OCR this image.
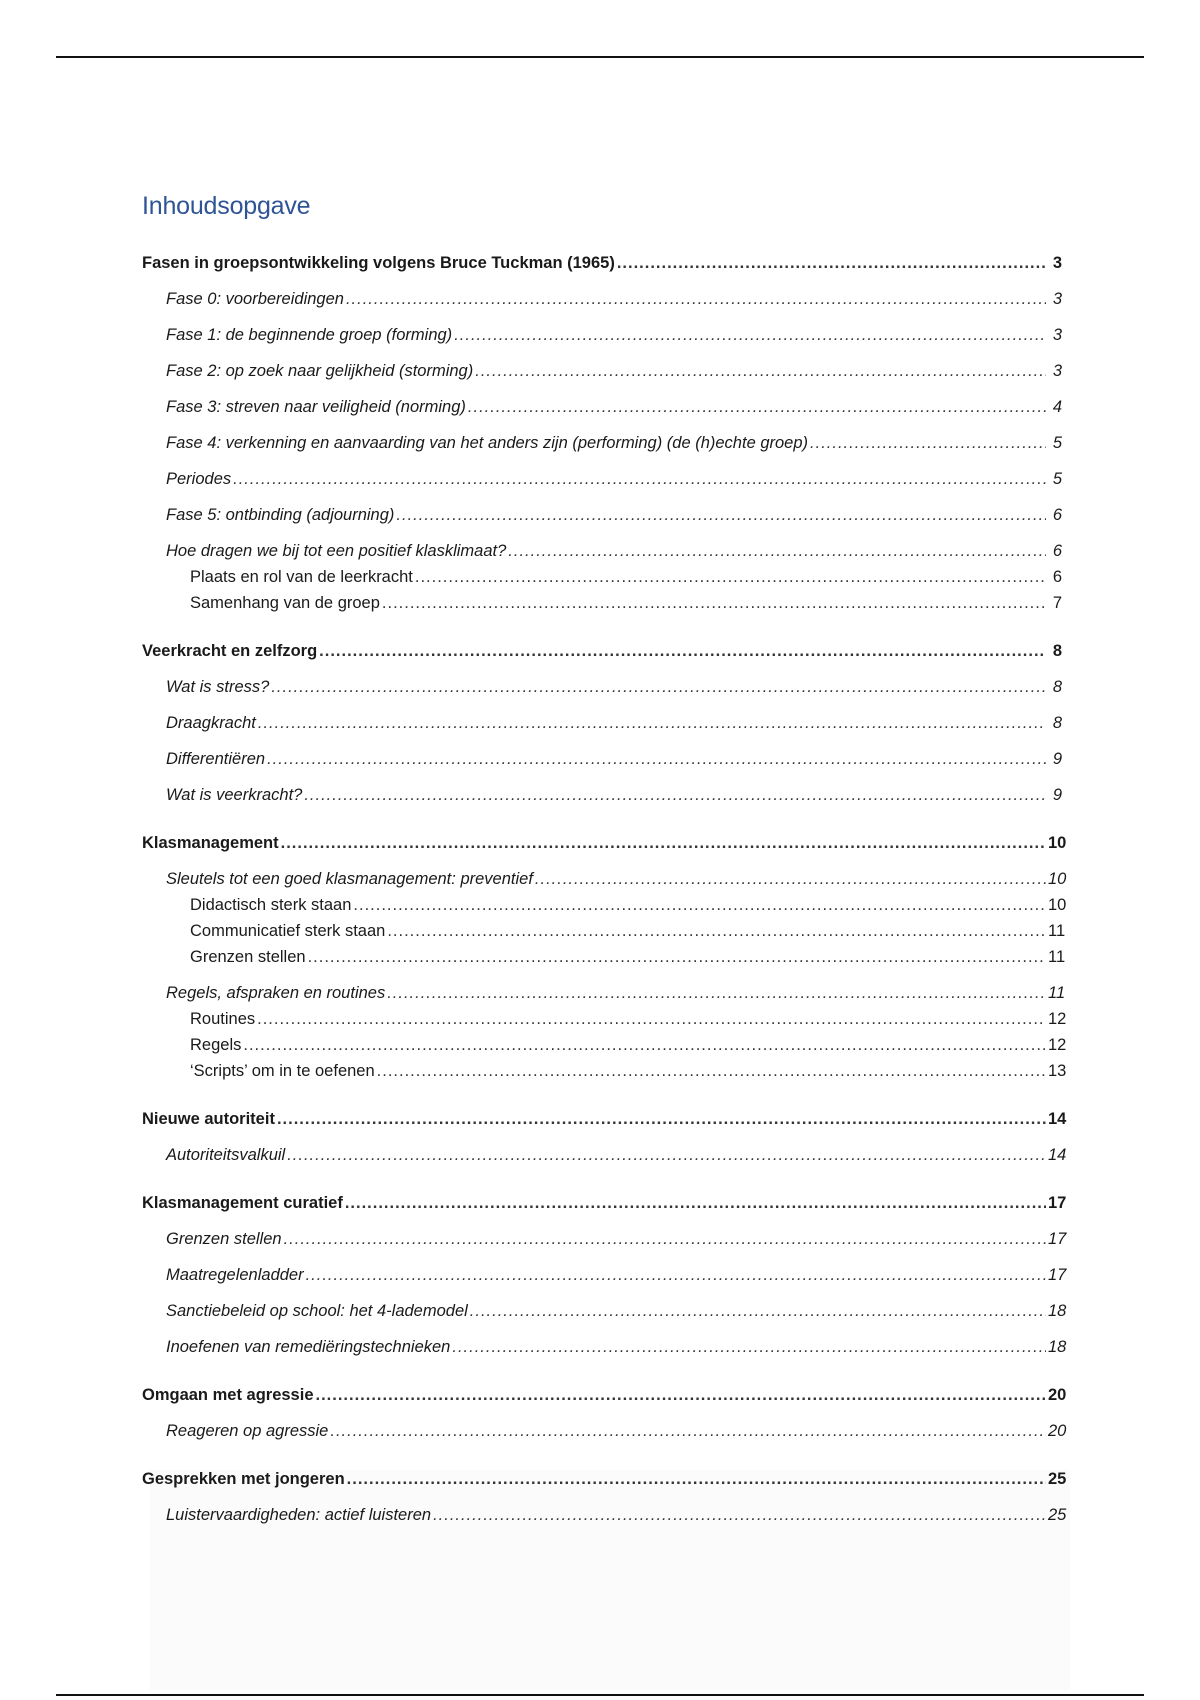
Inhoudsopgave
Fasen in groepsontwikkeling volgens Bruce Tuckman (1965) .....	3
Fase 0: voorbereidingen .....	3
Fase 1: de beginnende groep (forming) .....	3
Fase 2: op zoek naar gelijkheid (storming) .....	3
Fase 3: streven naar veiligheid (norming) .....	4
Fase 4: verkenning en aanvaarding van het anders zijn (performing) (de (h)echte groep) .....	5
Periodes .....	5
Fase 5: ontbinding (adjourning) .....	6
Hoe dragen we bij tot een positief klasklimaat? .....	6
Plaats en rol van de leerkracht .....	6
Samenhang van de groep .....	7
Veerkracht en zelfzorg .....	8
Wat is stress? .....	8
Draagkracht .....	8
Differentiëren .....	9
Wat is veerkracht? .....	9
Klasmanagement .....	10
Sleutels tot een goed klasmanagement: preventief .....	10
Didactisch sterk staan .....	10
Communicatief sterk staan .....	11
Grenzen stellen .....	11
Regels, afspraken en routines .....	11
Routines .....	12
Regels .....	12
‘Scripts’ om in te oefenen .....	13
Nieuwe autoriteit .....	14
Autoriteitsvalkuil .....	14
Klasmanagement curatief .....	17
Grenzen stellen .....	17
Maatregelenladder .....	17
Sanctiebeleid op school: het 4-lademodel .....	18
Inoefenen van remediëringstechnieken .....	18
Omgaan met agressie .....	20
Reageren op agressie .....	20
Gesprekken met jongeren .....	25
Luistervaardigheden: actief luisteren .....	25
